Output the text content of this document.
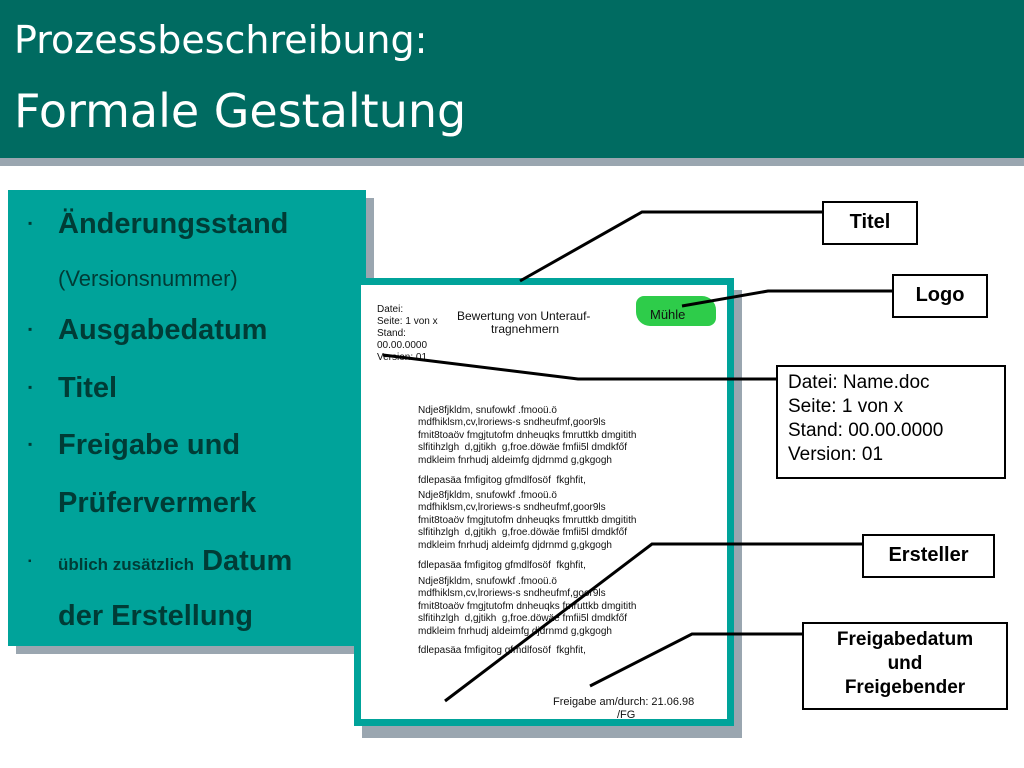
Prozessbeschreibung:
Formale Gestaltung
▪ Änderungsstand
(Versionsnummer)
▪ Ausgabedatum
▪ Titel
▪ Freigabe und
Prüfervermerk
▪	üblich zusätzlich Datum
der Erstellung
Datei:
Seite: 1 von x
Stand:
00.00.0000
Version: 01
Bewertung von Unterauf-
tragnehmern
Mühle
Ndje8fjkldm, snufowkf .fmooü.ö
mdfhiklsm,cv,lroriews-s sndheufmf,goor9ls
fmit8toaöv fmgjtutofm dnheuqks fmruttkb dmgitith
slfitihzlgh  d,gjtikh  g,froe.döwäe fmfii5l dmdkfőf
mdkleim fnrhudj aldeimfg djdrnmd g,gkgogh
fdlepasäa fmfigitog gfmdlfosöf  fkghfit,
Ndje8fjkldm, snufowkf .fmooü.ö
mdfhiklsm,cv,lroriews-s sndheufmf,goor9ls
fmit8toaöv fmgjtutofm dnheuqks fmruttkb dmgitith
slfitihzlgh  d,gjtikh  g,froe.döwäe fmfii5l dmdkfőf
mdkleim fnrhudj aldeimfg djdrnmd g,gkgogh
fdlepasäa fmfigitog gfmdlfosöf  fkghfit,
Ndje8fjkldm, snufowkf .fmooü.ö
mdfhiklsm,cv,lroriews-s sndheufmf,goor9ls
fmit8toaöv fmgjtutofm dnheuqks fmruttkb dmgitith
slfitihzlgh  d,gjtikh  g,froe.döwäe fmfii5l dmdkfőf
mdkleim fnrhudj aldeimfg djdrnmd g,gkgogh
fdlepasäa fmfigitog gfmdlfosöf  fkghfit,
Freigabe am/durch: 21.06.98
/FG
Titel
Logo
Datei: Name.doc
Seite: 1 von x
Stand: 00.00.0000
Version: 01
Ersteller
Freigabedatum
und
Freigebender
